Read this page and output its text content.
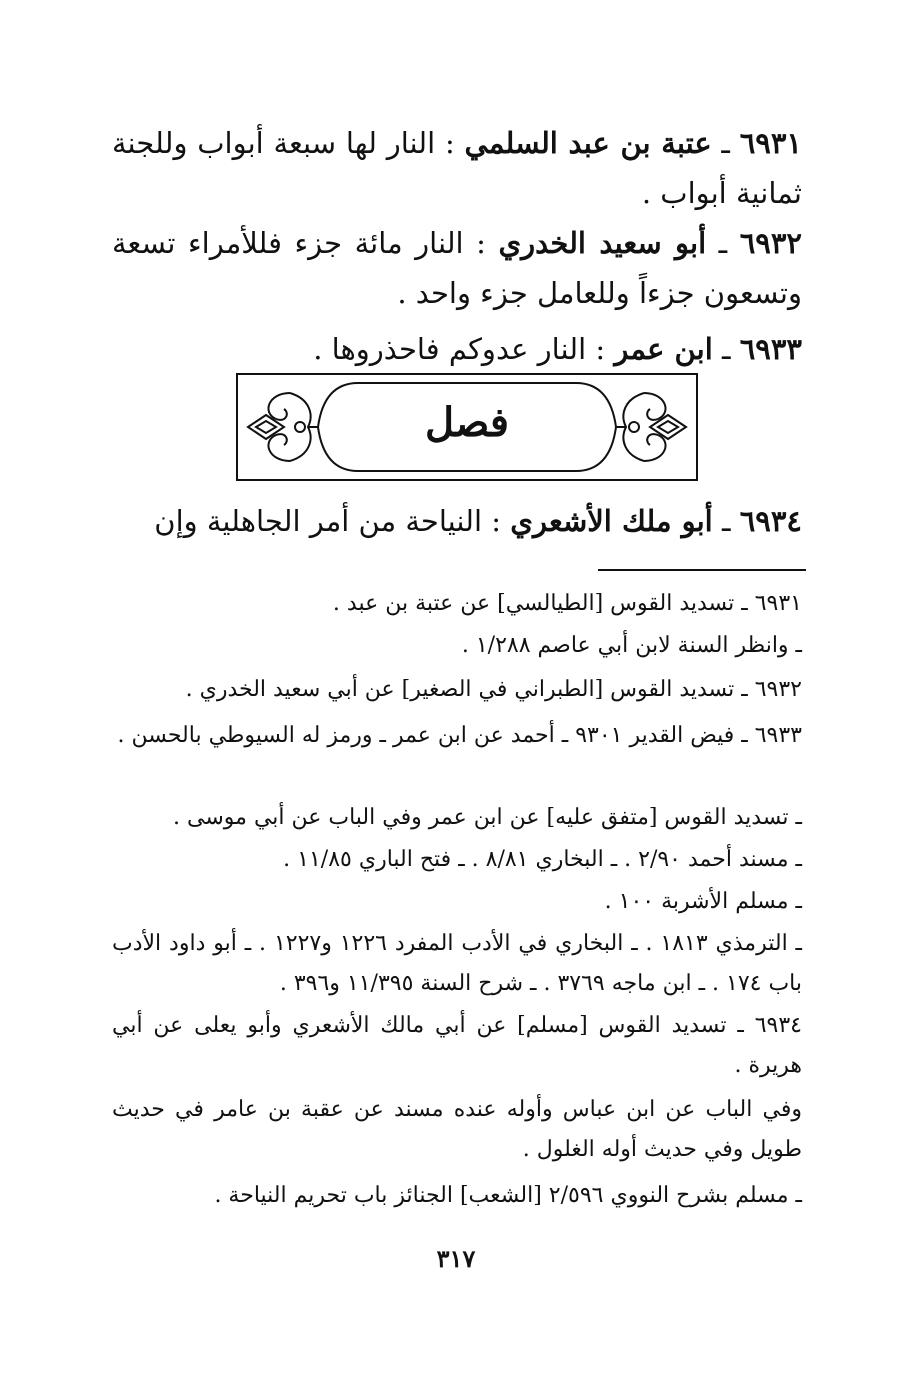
٦٩٣١ ـ عتبة بن عبد السلمي : النار لها سبعة أبواب وللجنة ثمانية أبواب .
٦٩٣٢ ـ أبو سعيد الخدري : النار مائة جزء فللأمراء تسعة وتسعون جزءاً وللعامل جزء واحد .
٦٩٣٣ ـ ابن عمر : النار عدوكم فاحذروها .
فصل
٦٩٣٤ ـ أبو ملك الأشعري : النياحة من أمر الجاهلية وإن
٦٩٣١ ـ تسديد القوس [الطيالسي] عن عتبة بن عبد .
ـ وانظر السنة لابن أبي عاصم ١/٢٨٨ .
٦٩٣٢ ـ تسديد القوس [الطبراني في الصغير] عن أبي سعيد الخدري .
٦٩٣٣ ـ فيض القدير ٩٣٠١ ـ أحمد عن ابن عمر ـ ورمز له السيوطي بالحسن .
ـ تسديد القوس [متفق عليه] عن ابن عمر وفي الباب عن أبي موسى .
ـ مسند أحمد ٢/٩٠ . ـ البخاري ٨/٨١ . ـ فتح الباري ١١/٨٥ .
ـ مسلم الأشربة ١٠٠ .
ـ الترمذي ١٨١٣ . ـ البخاري في الأدب المفرد ١٢٢٦ و١٢٢٧ . ـ أبو داود الأدب باب ١٧٤ . ـ ابن ماجه ٣٧٦٩ . ـ شرح السنة ١١/٣٩٥ و٣٩٦ .
٦٩٣٤ ـ تسديد القوس [مسلم] عن أبي مالك الأشعري وأبو يعلى عن أبي هريرة .
وفي الباب عن ابن عباس وأوله عنده مسند عن عقبة بن عامر في حديث طويل وفي حديث أوله الغلول .
ـ مسلم بشرح النووي ٢/٥٩٦ [الشعب] الجنائز باب تحريم النياحة .
٣١٧
